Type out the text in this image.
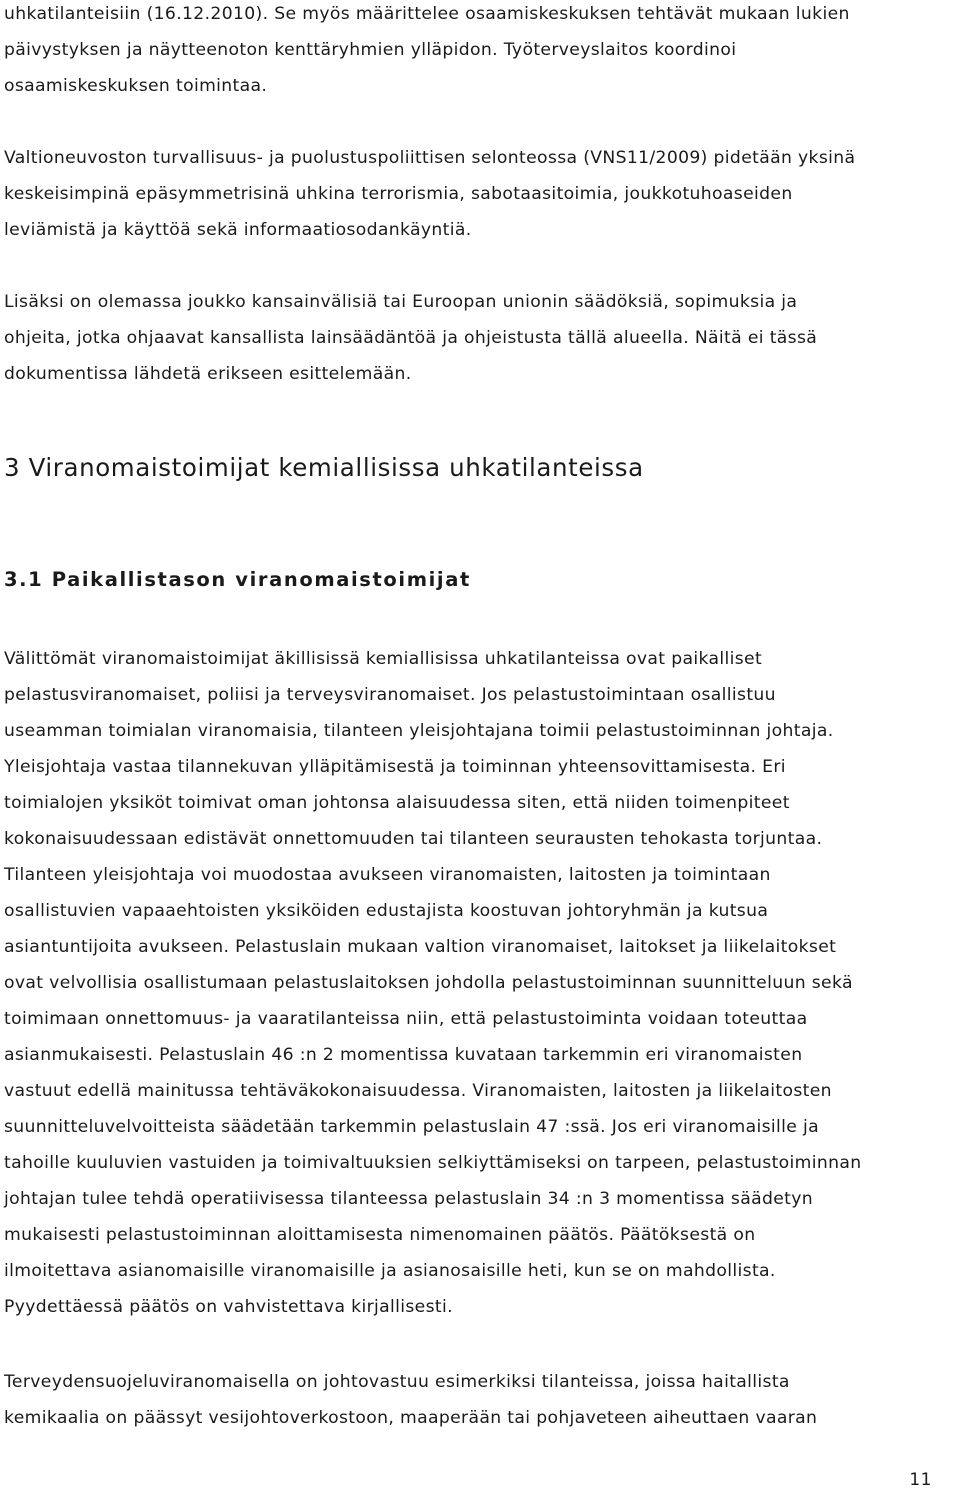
uhkatilanteisiin (16.12.2010). Se myös määrittelee osaamiskeskuksen tehtävät mukaan lukien

päivystyksen ja näytteenoton kenttäryhmien ylläpidon. Työterveyslaitos koordinoi

osaamiskeskuksen toimintaa.

Valtioneuvoston turvallisuus- ja puolustuspoliittisen selonteossa (VNS11/2009) pidetään yksinä

keskeisimpinä epäsymmetrisinä uhkina terrorismia, sabotaasitoimia, joukkotuhoaseiden

leviämistä ja käyttöä sekä informaatiosodankäyntiä.

Lisäksi on olemassa joukko kansainvälisiä tai Euroopan unionin säädöksiä, sopimuksia ja

ohjeita, jotka ohjaavat kansallista lainsäädäntöä ja ohjeistusta tällä alueella. Näitä ei tässä

dokumentissa lähdetä erikseen esittelemään.

3 Viranomaistoimijat kemiallisissa uhkatilanteissa
3.1 Paikallistason viranomaistoimijat

Välittömät viranomaistoimijat äkillisissä kemiallisissa uhkatilanteissa ovat paikalliset

pelastusviranomaiset, poliisi ja terveysviranomaiset. Jos pelastustoimintaan osallistuu

useamman toimialan viranomaisia, tilanteen yleisjohtajana toimii pelastustoiminnan johtaja.

Yleisjohtaja vastaa tilannekuvan ylläpitämisestä ja toiminnan yhteensovittamisesta. Eri

toimialojen yksiköt toimivat oman johtonsa alaisuudessa siten, että niiden toimenpiteet

kokonaisuudessaan edistävät onnettomuuden tai tilanteen seurausten tehokasta torjuntaa.

Tilanteen yleisjohtaja voi muodostaa avukseen viranomaisten, laitosten ja toimintaan

osallistuvien vapaaehtoisten yksiköiden edustajista koostuvan johtoryhmän ja kutsua

asiantuntijoita avukseen. Pelastuslain mukaan valtion viranomaiset, laitokset ja liikelaitokset

ovat velvollisia osallistumaan pelastuslaitoksen johdolla pelastustoiminnan suunnitteluun sekä

toimimaan onnettomuus- ja vaaratilanteissa niin, että pelastustoiminta voidaan toteuttaa

asianmukaisesti. Pelastuslain 46 :n 2 momentissa kuvataan tarkemmin eri viranomaisten

vastuut edellä mainitussa tehtäväkokonaisuudessa. Viranomaisten, laitosten ja liikelaitosten

suunnitteluvelvoitteista säädetään tarkemmin pelastuslain 47 :ssä. Jos eri viranomaisille ja

tahoille kuuluvien vastuiden ja toimivaltuuksien selkiyttämiseksi on tarpeen, pelastustoiminnan

johtajan tulee tehdä operatiivisessa tilanteessa pelastuslain 34 :n 3 momentissa säädetyn

mukaisesti pelastustoiminnan aloittamisesta nimenomainen päätös. Päätöksestä on

ilmoitettava asianomaisille viranomaisille ja asianosaisille heti, kun se on mahdollista.

Pyydettäessä päätös on vahvistettava kirjallisesti.

Terveydensuojeluviranomaisella on johtovastuu esimerkiksi tilanteissa, joissa haitallista

kemikaalia on päässyt vesijohtoverkostoon, maaperään tai pohjaveteen aiheuttaen vaaran

11
